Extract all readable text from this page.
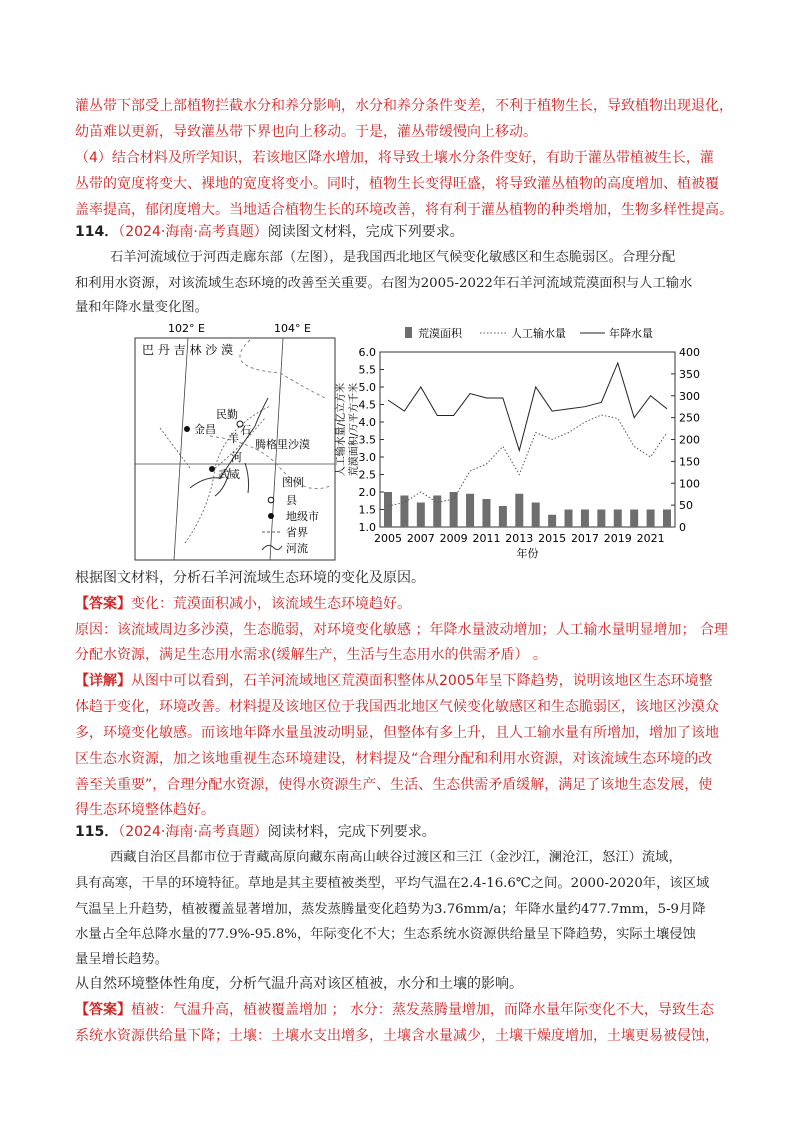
灌丛带下部受上部植物拦截水分和养分影响，水分和养分条件变差，不利于植物生长，导致植物出现退化，
幼苗难以更新，导致灌丛带下界也向上移动。于是，灌丛带缓慢向上移动。
（4）结合材料及所学知识，若该地区降水增加，将导致土壤水分条件变好，有助于灌丛带植被生长，灌
丛带的宽度将变大、裸地的宽度将变小。同时，植物生长变得旺盛，将导致灌丛植物的高度增加、植被覆
盖率提高，郁闭度增大。当地适合植物生长的环境改善，将有利于灌丛植物的种类增加，生物多样性提高。
114．（2024·海南·高考真题）阅读图文材料，完成下列要求。
石羊河流域位于河西走廊东部（左图），是我国西北地区气候变化敏感区和生态脆弱区。合理分配
和利用水资源，对该流域生态环境的改善至关重要。右图为2005-2022年石羊河流域荒漠面积与人工输水
量和年降水量变化图。
102° E	104° E
巴 丹 吉 林 沙 漠
腾格里沙漠
金昌
民勤
武威
石
羊
河
图例
县
地级市
省界
河流
1.0
1.5
2.0
2.5
3.0
3.5
4.0
4.5
5.0
5.5
6.0
0
50
100
150
200
250
300
350
400
2005 2007 2009 2011 2013 2015 2017 2019 2021
年份
荒漠面积	人工输水量	年降水量
人工输水量/亿立方米 荒漠面积/万平方千米
根据图文材料，分析石羊河流域生态环境的变化及原因。
【答案】变化：荒漠面积减小，该流域生态环境趋好。
原因：该流域周边多沙漠，生态脆弱，对环境变化敏感 ；年降水量波动增加；人工输水量明显增加； 合理
分配水资源，满足生态用水需求(缓解生产，生活与生态用水的供需矛盾） 。
【详解】从图中可以看到，石羊河流域地区荒漠面积整体从2005年呈下降趋势，说明该地区生态环境整
体趋于变化，环境改善。材料提及该地区位于我国西北地区气候变化敏感区和生态脆弱区，该地区沙漠众
多，环境变化敏感。而该地年降水量虽波动明显，但整体有多上升，且人工输水量有所增加，增加了该地
区生态水资源，加之该地重视生态环境建设，材料提及“合理分配和利用水资源，对该流域生态环境的改
善至关重要”，合理分配水资源，使得水资源生产、生活、生态供需矛盾缓解，满足了该地生态发展，使
得生态环境整体趋好。
115．（2024·海南·高考真题）阅读材料，完成下列要求。
西藏自治区昌都市位于青藏高原向藏东南高山峡谷过渡区和三江（金沙江，澜沧江，怒江）流域，
具有高寒，干旱的环境特征。草地是其主要植被类型，平均气温在2.4-16.6℃之间。2000-2020年，该区域
气温呈上升趋势，植被覆盖显著增加，蒸发蒸腾量变化趋势为3.76mm/a；年降水量约477.7mm，5-9月降
水量占全年总降水量的77.9%-95.8%，年际变化不大；生态系统水资源供给量呈下降趋势，实际土壤侵蚀
量呈增长趋势。
从自然环境整体性角度，分析气温升高对该区植被，水分和土壤的影响。
【答案】植被：气温升高，植被覆盖增加 ； 水分：蒸发蒸腾量增加，而降水量年际变化不大，导致生态
系统水资源供给量下降；土壤：土壤水支出增多，土壤含水量减少，土壤干燥度增加，土壤更易被侵蚀，
